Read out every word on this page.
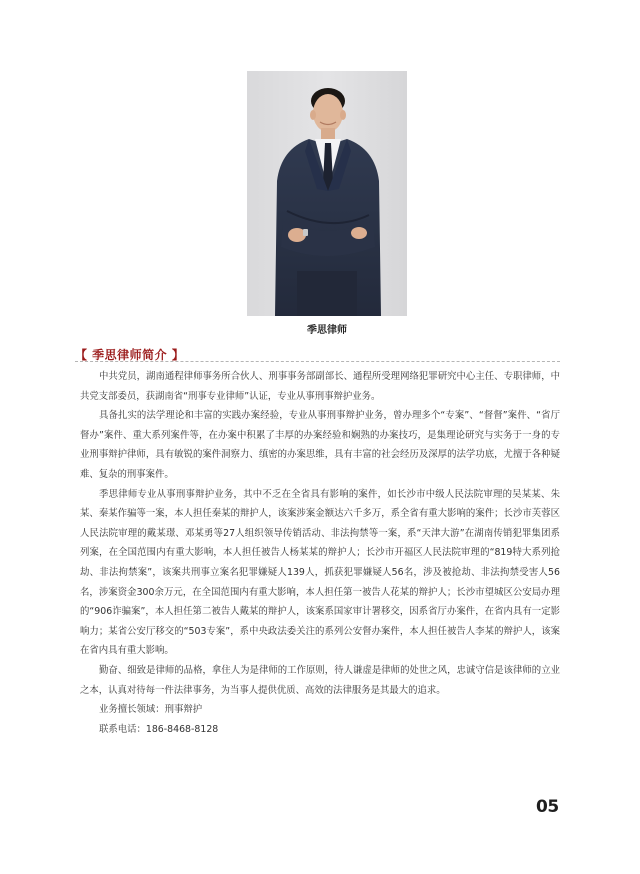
季思律师
【 季思律师简介 】

中共党员，湖南通程律师事务所合伙人、刑事事务部副部长、通程所受理网络犯罪研究中心主任、专职律师，中共党支部委员，获湖南省“刑事专业律师”认证，专业从事刑事辩护业务。

具备扎实的法学理论和丰富的实践办案经验，专业从事刑事辩护业务，曾办理多个“专案”、“督督”案件、“省厅督办”案件、重大系列案件等，在办案中积累了丰厚的办案经验和娴熟的办案技巧，是集理论研究与实务于一身的专业刑事辩护律师，具有敏锐的案件洞察力、缜密的办案思维，具有丰富的社会经历及深厚的法学功底，尤擅于各种疑难、复杂的刑事案件。

季思律师专业从事刑事辩护业务，其中不乏在全省具有影响的案件，如长沙市中级人民法院审理的吴某某、朱某、秦某作骗等一案，本人担任秦某的辩护人，该案涉案金额达六千多万，系全省有重大影响的案件；长沙市芙蓉区人民法院审理的戴某璟、邓某勇等27人组织领导传销活动、非法拘禁等一案，系“天津大游”在湖南传销犯罪集团系列案，在全国范围内有重大影响，本人担任被告人杨某某的辩护人；长沙市开福区人民法院审理的“819特大系列抢劫、非法拘禁案”，该案共刑事立案名犯罪嫌疑人139人，抓获犯罪嫌疑人56名，涉及被抢劫、非法拘禁受害人56名，涉案资金300余万元，在全国范围内有重大影响，本人担任第一被告人花某的辩护人；长沙市望城区公安局办理的“906诈骗案”，本人担任第二被告人戴某的辩护人，该案系国家审计署移交，因系省厅办案件，在省内具有一定影响力；某省公安厅移交的“503专案”，系中央政法委关注的系列公安督办案件，本人担任被告人李某的辩护人，该案在省内具有重大影响。

勤奋、细致是律师的品格，拿住人为是律师的工作原则，待人谦虚是律师的处世之风，忠诚守信是该律师的立业之本，认真对待每一件法律事务，为当事人提供优质、高效的法律服务是其最大的追求。

业务擅长领域：刑事辩护

联系电话：186-8468-8128

05
